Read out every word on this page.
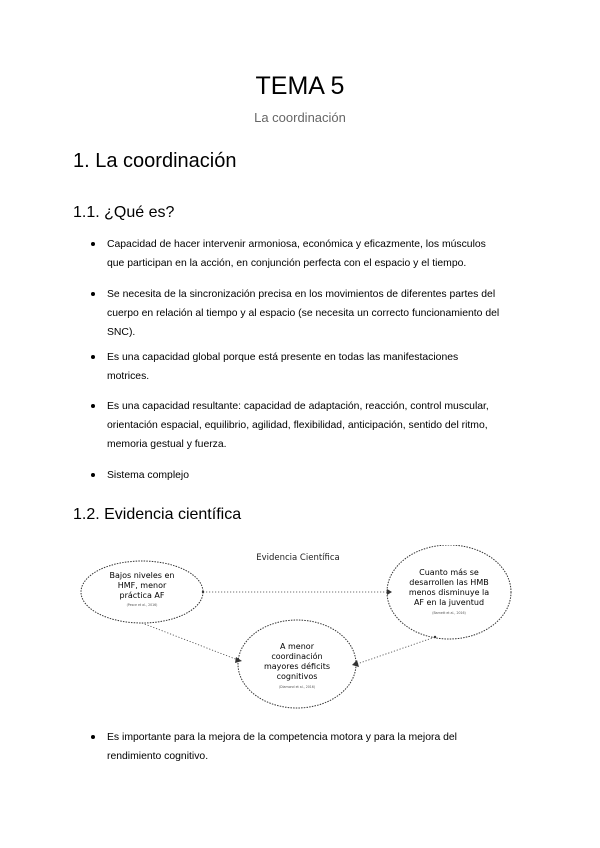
TEMA 5
La coordinación
1. La coordinación
1.1. ¿Qué es?
Capacidad de hacer intervenir armoniosa, económica y eficazmente, los músculos
que participan en la acción, en conjunción perfecta con el espacio y el tiempo.
Se necesita de la sincronización precisa en los movimientos de diferentes partes del
cuerpo en relación al tiempo y al espacio (se necesita un correcto funcionamiento del
SNC).
Es una capacidad global porque está presente en todas las manifestaciones
motrices.
Es una capacidad resultante: capacidad de adaptación, reacción, control muscular,
orientación espacial, equilibrio, agilidad, flexibilidad, anticipación, sentido del ritmo,
memoria gestual y fuerza.
Sistema complejo
1.2. Evidencia científica
Evidencia Científica
Bajos niveles en
HMF, menor
práctica AF
(Pesce et al., 2016)
Cuanto más se
desarrollen las HMB
menos disminuye la
AF en la juventud
(Barnett et al., 2016)
A menor
coordinación
mayores déficits
cognitivos
(Diamond et al., 2016)
Es importante para la mejora de la competencia motora y para la mejora del
rendimiento cognitivo.
